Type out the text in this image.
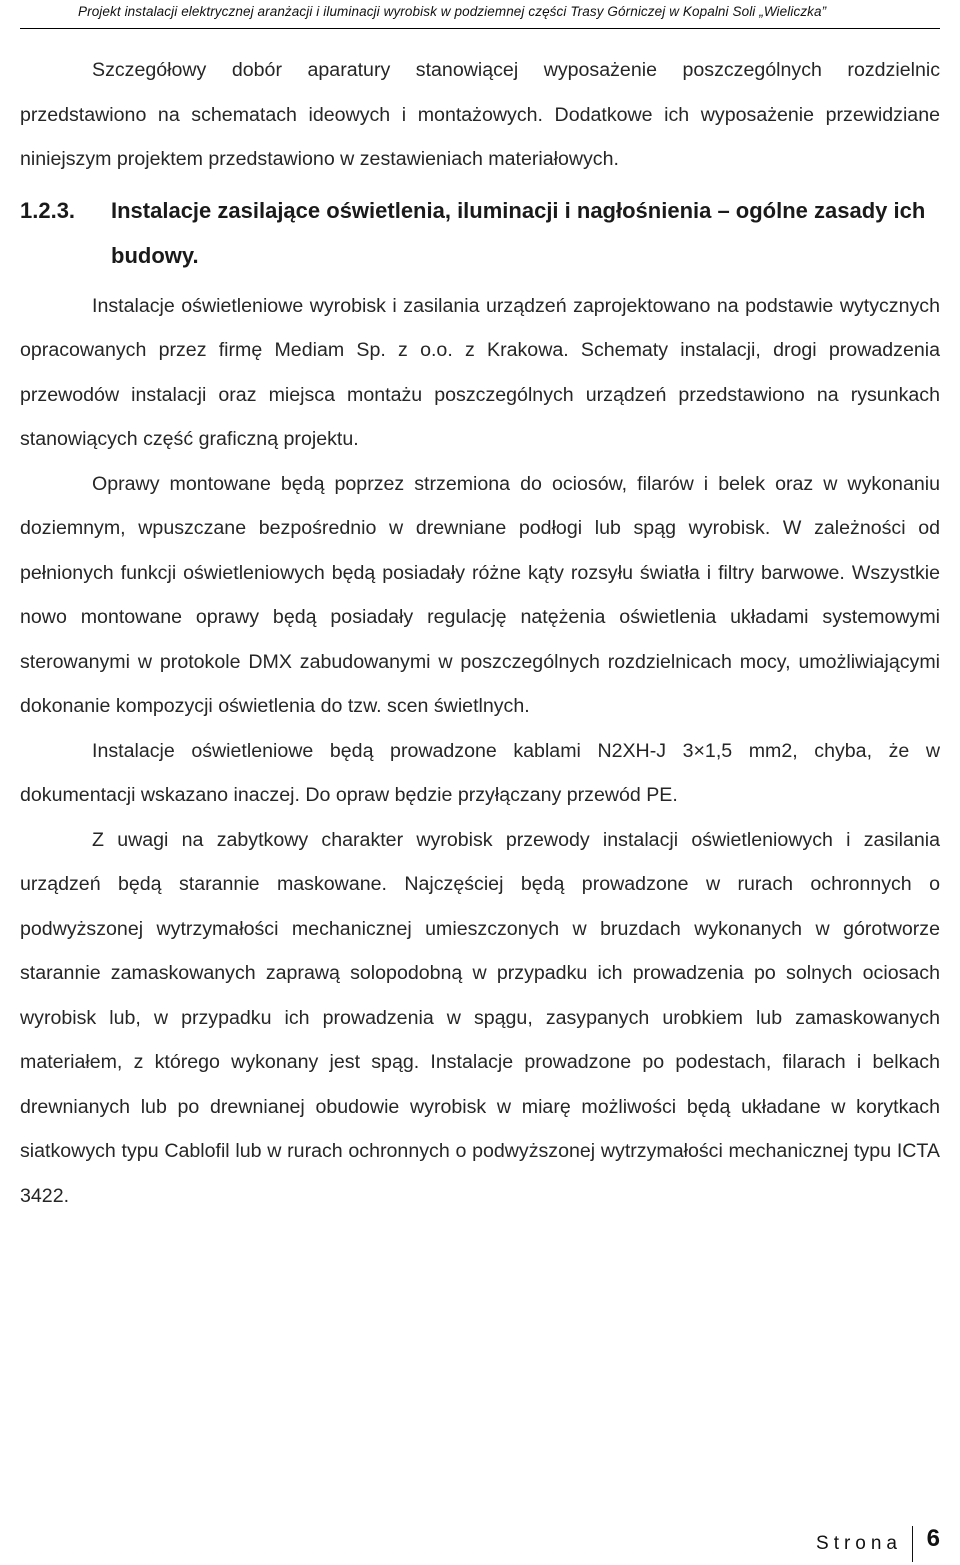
Projekt instalacji elektrycznej aranżacji i iluminacji wyrobisk w podziemnej części Trasy Górniczej w Kopalni Soli „Wieliczka”

Szczegółowy dobór aparatury stanowiącej wyposażenie poszczególnych rozdzielnic przedstawiono na schematach ideowych i montażowych. Dodatkowe ich wyposażenie przewidziane niniejszym projektem przedstawiono w zestawieniach materiałowych.

1.2.3.	Instalacje zasilające oświetlenia, iluminacji i nagłośnienia – ogólne zasady ich budowy.

Instalacje oświetleniowe wyrobisk i zasilania urządzeń zaprojektowano na podstawie wytycznych opracowanych przez firmę Mediam Sp. z o.o. z Krakowa. Schematy instalacji, drogi prowadzenia przewodów instalacji oraz miejsca montażu poszczególnych urządzeń przedstawiono na rysunkach stanowiących część graficzną projektu.

Oprawy montowane będą poprzez strzemiona do ociosów, filarów i belek oraz w wykonaniu doziemnym, wpuszczane bezpośrednio w drewniane podłogi lub spąg wyrobisk. W zależności od pełnionych funkcji oświetleniowych będą posiadały różne kąty rozsyłu światła i filtry barwowe. Wszystkie nowo montowane oprawy będą posiadały regulację natężenia oświetlenia układami systemowymi sterowanymi w protokole DMX zabudowanymi w poszczególnych rozdzielnicach mocy, umożliwiającymi dokonanie kompozycji oświetlenia do tzw. scen świetlnych.

Instalacje oświetleniowe będą prowadzone kablami N2XH-J 3×1,5 mm2, chyba, że w dokumentacji wskazano inaczej. Do opraw będzie przyłączany przewód PE.

Z uwagi na zabytkowy charakter wyrobisk przewody instalacji oświetleniowych i zasilania urządzeń będą starannie maskowane. Najczęściej będą prowadzone w rurach ochronnych o podwyższonej wytrzymałości mechanicznej umieszczonych w bruzdach wykonanych w górotworze starannie zamaskowanych zaprawą solopodobną w przypadku ich prowadzenia po solnych ociosach wyrobisk lub, w przypadku ich prowadzenia w spągu, zasypanych urobkiem lub zamaskowanych materiałem, z którego wykonany jest spąg. Instalacje prowadzone po podestach, filarach i belkach drewnianych lub po drewnianej obudowie wyrobisk w miarę możliwości będą układane w korytkach siatkowych typu Cablofil lub w rurach ochronnych o podwyższonej wytrzymałości mechanicznej typu ICTA 3422.

Strona 6
